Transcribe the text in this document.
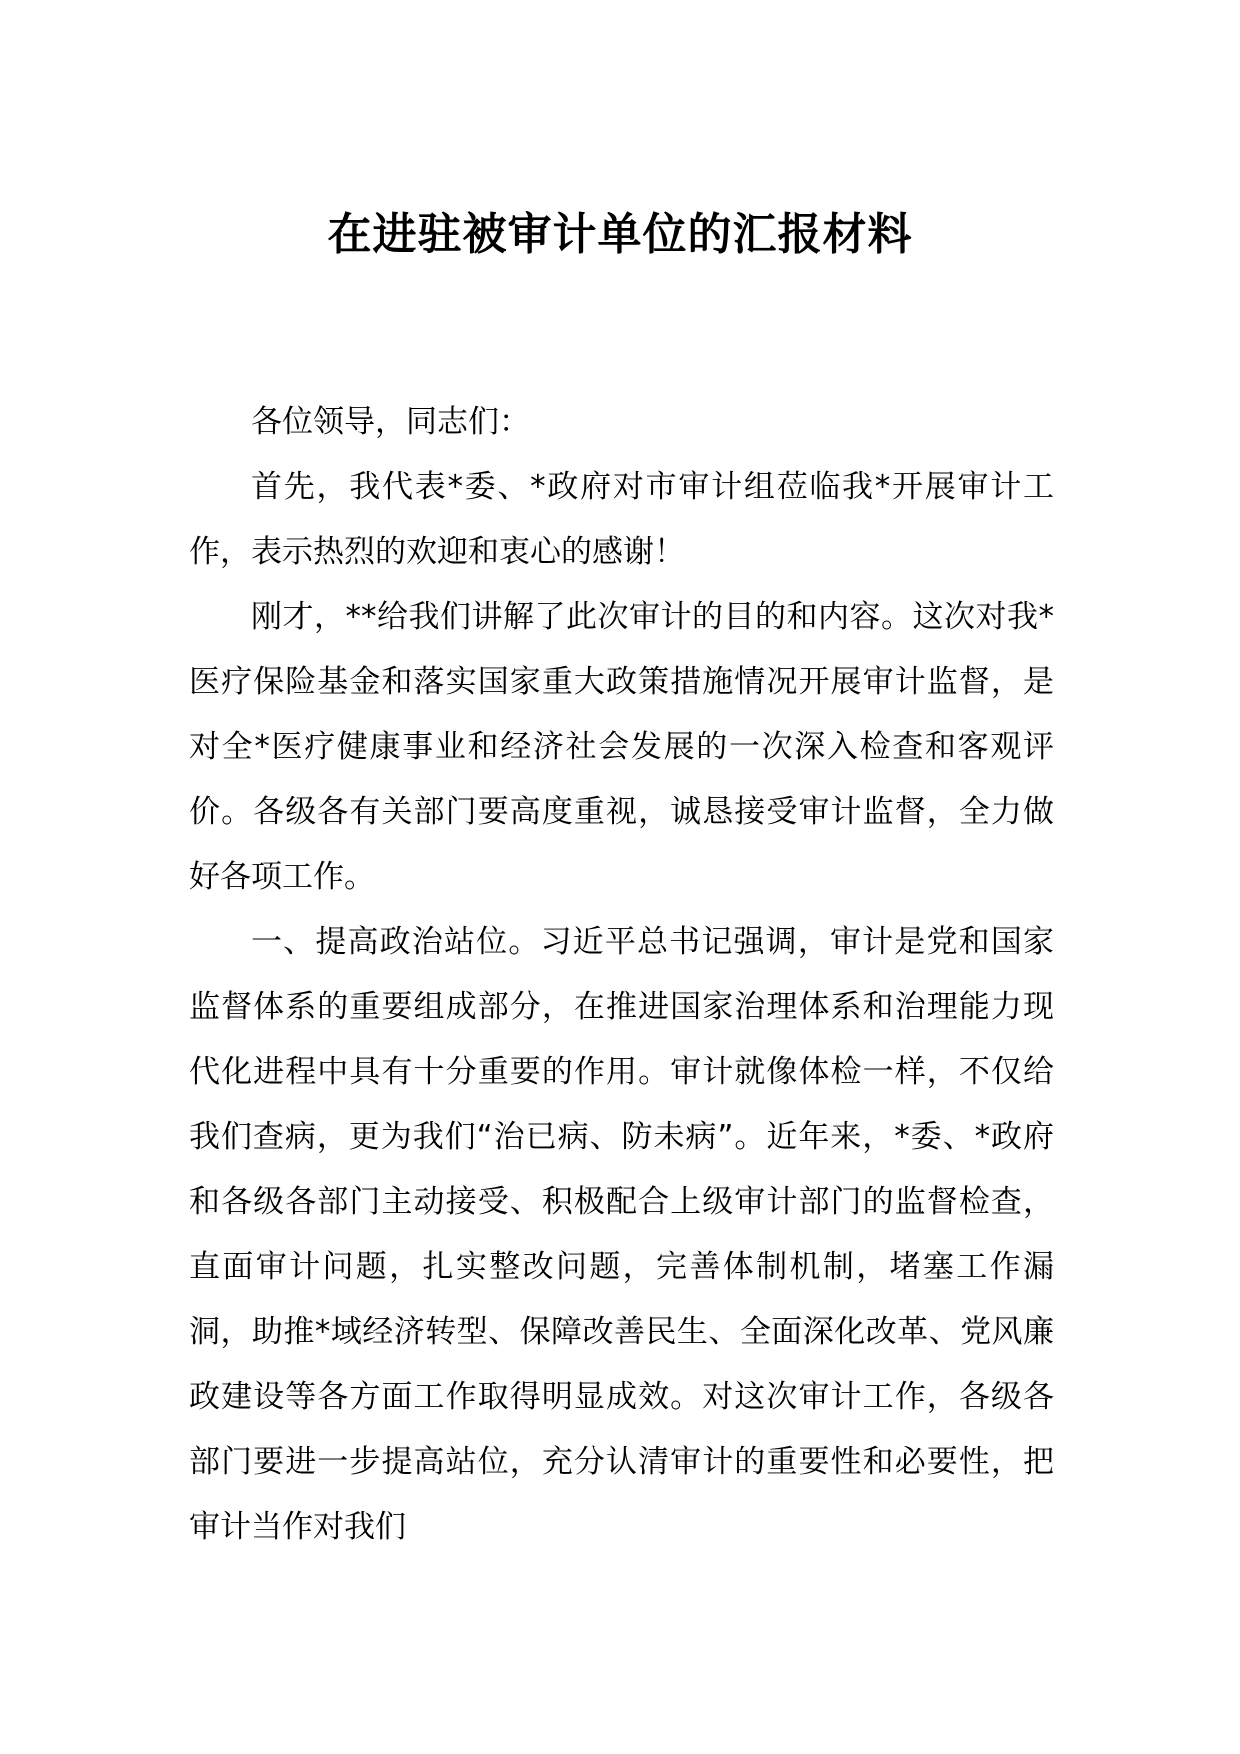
在进驻被审计单位的汇报材料

各位领导，同志们：

首先，我代表*委、*政府对市审计组莅临我*开展审计工作，表示热烈的欢迎和衷心的感谢！

刚才，**给我们讲解了此次审计的目的和内容。这次对我*医疗保险基金和落实国家重大政策措施情况开展审计监督，是对全*医疗健康事业和经济社会发展的一次深入检查和客观评价。各级各有关部门要高度重视，诚恳接受审计监督，全力做好各项工作。

一、提高政治站位。习近平总书记强调，审计是党和国家监督体系的重要组成部分，在推进国家治理体系和治理能力现代化进程中具有十分重要的作用。审计就像体检一样，不仅给我们查病，更为我们“治已病、防未病”。近年来，*委、*政府和各级各部门主动接受、积极配合上级审计部门的监督检查，直面审计问题，扎实整改问题，完善体制机制，堵塞工作漏洞，助推*域经济转型、保障改善民生、全面深化改革、党风廉政建设等各方面工作取得明显成效。对这次审计工作，各级各部门要进一步提高站位，充分认清审计的重要性和必要性，把审计当作对我们
